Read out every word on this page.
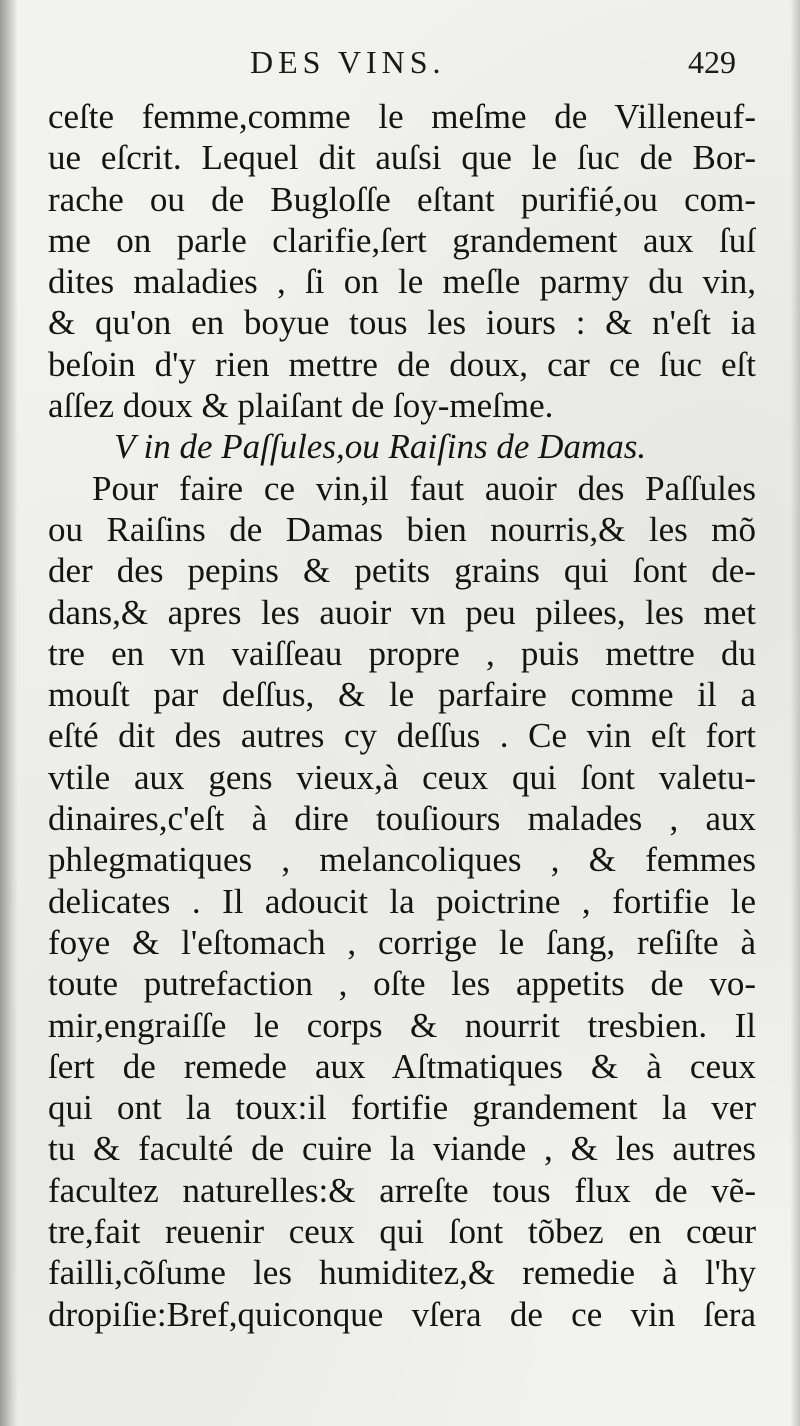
DES VINS.	429
ceſte femme,comme le meſme de Villeneuf-
ue eſcrit. Lequel dit auſsi que le ſuc de Bor-
rache ou de Bugloſſe eſtant purifié,ou com-
me on parle clarifie,ſert grandement aux ſuſ
dites maladies , ſi on le meſle parmy du vin,
& qu'on en boyue tous les iours : & n'eſt ia
beſoin d'y rien mettre de doux, car ce ſuc eſt
aſſez doux & plaiſant de ſoy-meſme.
V in de Paſſules,ou Raiſins de Damas.
Pour faire ce vin,il faut auoir des Paſſules
ou Raiſins de Damas bien nourris,& les mõ
der des pepins & petits grains qui ſont de-
dans,& apres les auoir vn peu pilees, les met
tre en vn vaiſſeau propre , puis mettre du
mouſt par deſſus, & le parfaire comme il a
eſté dit des autres cy deſſus . Ce vin eſt fort
vtile aux gens vieux,à ceux qui ſont valetu-
dinaires,c'eſt à dire touſiours malades , aux
phlegmatiques , melancoliques , & femmes
delicates . Il adoucit la poictrine , fortifie le
foye & l'eſtomach , corrige le ſang, reſiſte à
toute putrefaction , oſte les appetits de vo-
mir,engraiſſe le corps & nourrit tresbien. Il
ſert de remede aux Aſtmatiques & à ceux
qui ont la toux:il fortifie grandement la ver
tu & faculté de cuire la viande , & les autres
facultez naturelles:& arreſte tous flux de vẽ-
tre,fait reuenir ceux qui ſont tõbez en cœur
failli,cõſume les humiditez,& remedie à l'hy
dropiſie:Bref,quiconque vſera de ce vin ſera
